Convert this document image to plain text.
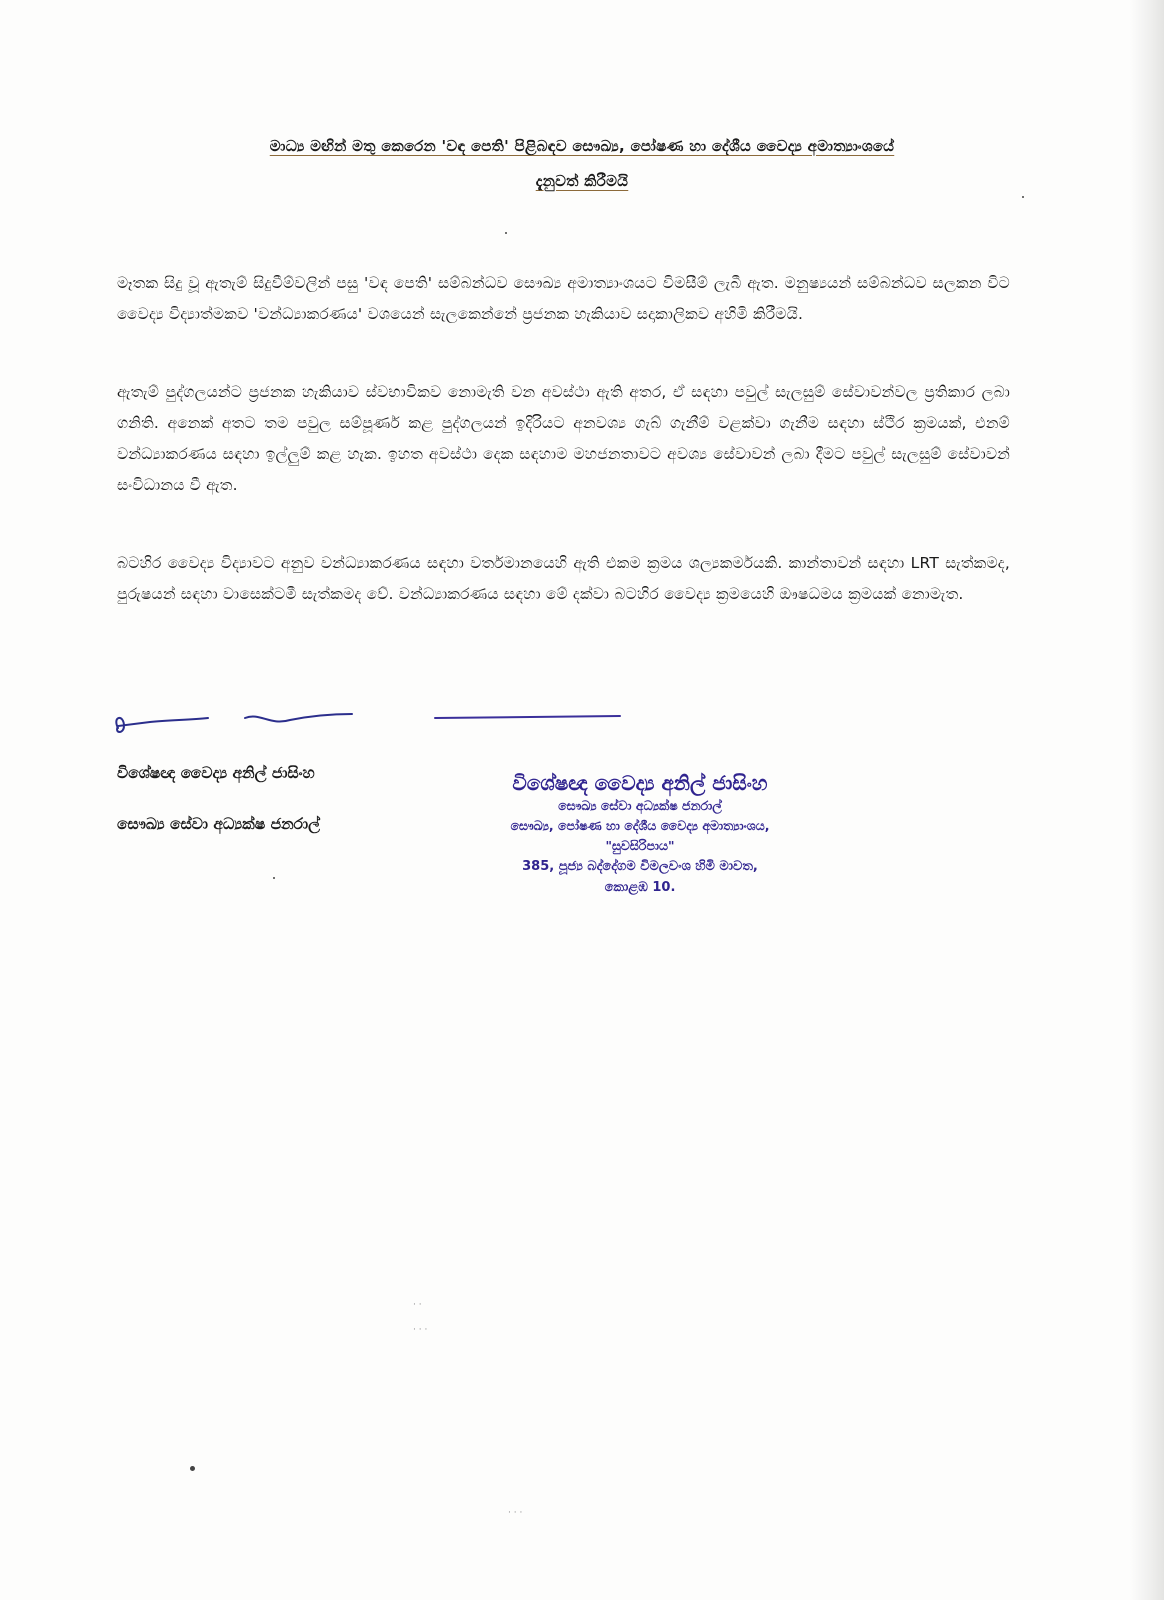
මාධ්‍ය මඟින් මතු කෙරෙන 'වඳ පෙති' පිළිබඳව සෞඛ්‍ය, පෝෂණ හා දේශීය වෛද්‍ය අමාත්‍යාංශයේ
දැනුවත් කිරීමයි
මෑතක සිදු වූ ඇතැම් සිදුවීම්වලින් පසු 'වඳ පෙති' සම්බන්ධව සෞඛ්‍ය අමාත්‍යාංශයට විමසීම් ලැබී ඇත. මනුෂ්‍යයන් සම්බන්ධව සලකන විට වෛද්‍ය විද්‍යාත්මකව 'වන්ධ්‍යාකරණය' වශයෙන් සැලකෙන්නේ ප්‍රජනක හැකියාව සදාකාලිකව අහිමි කිරීමයි.
ඇතැම් පුද්ගලයන්ට ප්‍රජනක හැකියාව ස්වභාවිකව නොමැති වන අවස්ථා ඇති අතර, ඒ සඳහා පවුල් සැලසුම් සේවාවන්වල ප්‍රතිකාර ලබා ගනිති. අනෙක් අතට තම පවුල සම්පූර්ණ කළ පුද්ගලයන් ඉදිරියට අනවශ්‍ය ගැබ් ගැනීම් වළක්වා ගැනීම සඳහා ස්ථිර ක්‍රමයක්, එනම් වන්ධ්‍යාකරණය සඳහා ඉල්ලුම් කළ හැක. ඉහත අවස්ථා දෙක සඳහාම මහජනතාවට අවශ්‍ය සේවාවන් ලබා දීමට පවුල් සැලසුම් සේවාවන් සංවිධානය වී ඇත.
බටහිර වෛද්‍ය විද්‍යාවට අනුව වන්ධ්‍යාකරණය සඳහා වර්තමානයෙහි ඇති එකම ක්‍රමය ශල්‍යකර්මයකි. කාන්තාවන් සඳහා LRT සැත්කමද, පුරුෂයන් සඳහා වාසෙක්ටමී සැත්කමද වේ. වන්ධ්‍යාකරණය සඳහා මේ දක්වා බටහිර වෛද්‍ය ක්‍රමයෙහි ඖෂධමය ක්‍රමයක් නොමැත.
විශේෂඥ වෛද්‍ය අනිල් ජාසිංහ
සෞඛ්‍ය සේවා අධ්‍යක්ෂ ජනරාල්
විශේෂඥ වෛද්‍ය අනිල් ජාසිංහ
සෞඛ්‍ය සේවා අධ්‍යක්ෂ ජනරාල්
සෞඛ්‍ය, පෝෂණ හා දේශීය වෛද්‍ය අමාත්‍යාංශය,
"සුවසිරිපාය"
385, පූජ්‍ය බද්දේගම විමලවංශ හිමි මාවත,
කොළඹ 10.
· ·
· · ·
· · ·
